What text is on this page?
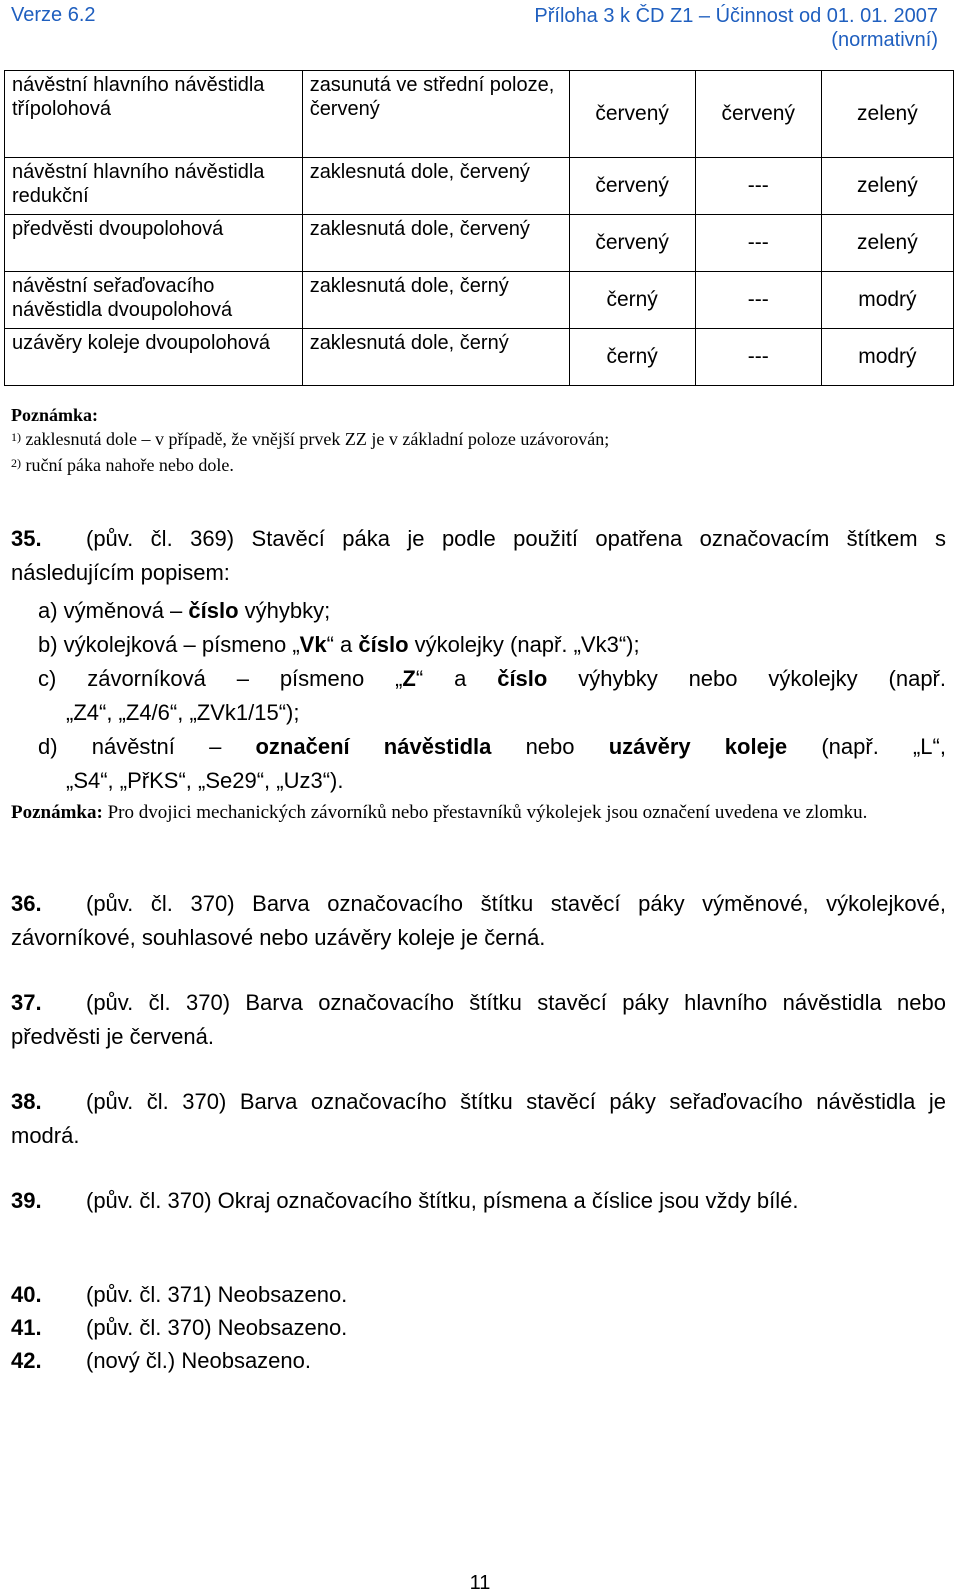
Verze 6.2	Příloha 3 k ČD Z1 – Účinnost od 01. 01. 2007
(normativní)
návěstní hlavního návěstidla třípolohová	zasunutá ve střední poloze, červený	červený	červený	zelený
návěstní hlavního návěstidla redukční	zaklesnutá dole, červený	červený	---	zelený
předvěsti dvoupolohová	zaklesnutá dole, červený	červený	---	zelený
návěstní seřaďovacího návěstidla dvoupolohová	zaklesnutá dole, černý	černý	---	modrý
uzávěry koleje dvoupolohová	zaklesnutá dole, černý	černý	---	modrý
Poznámka:
$^{1)}$ zaklesnutá dole – v případě, že vnější prvek ZZ je v základní poloze uzávorován;
$^{2)}$ ruční páka nahoře nebo dole.
35. (pův. čl. 369) Stavěcí páka je podle použití opatřena označovacím štítkem s následujícím popisem:
a) výměnová – číslo výhybky;
b) výkolejková – písmeno „Vk“ a číslo výkolejky (např. „Vk3“);
c) závorníková – písmeno „Z“ a číslo výhybky nebo výkolejky (např.
„Z4“, „Z4/6“, „ZVk1/15“);
d) návěstní – označení návěstidla nebo uzávěry koleje (např. „L“,
„S4“, „PřKS“, „Se29“, „Uz3“).
Poznámka: Pro dvojici mechanických závorníků nebo přestavníků výkolejek jsou označení uvedena ve zlomku.
36. (pův. čl. 370) Barva označovacího štítku stavěcí páky výměnové, výkolejkové, závorníkové, souhlasové nebo uzávěry koleje je černá.
37. (pův. čl. 370) Barva označovacího štítku stavěcí páky hlavního návěstidla nebo předvěsti je červená.
38. (pův. čl. 370) Barva označovacího štítku stavěcí páky seřaďovacího návěstidla je modrá.
39. (pův. čl. 370) Okraj označovacího štítku, písmena a číslice jsou vždy bílé.
40. (pův. čl. 371) Neobsazeno.
41. (pův. čl. 370) Neobsazeno.
42. (nový čl.) Neobsazeno.
11
